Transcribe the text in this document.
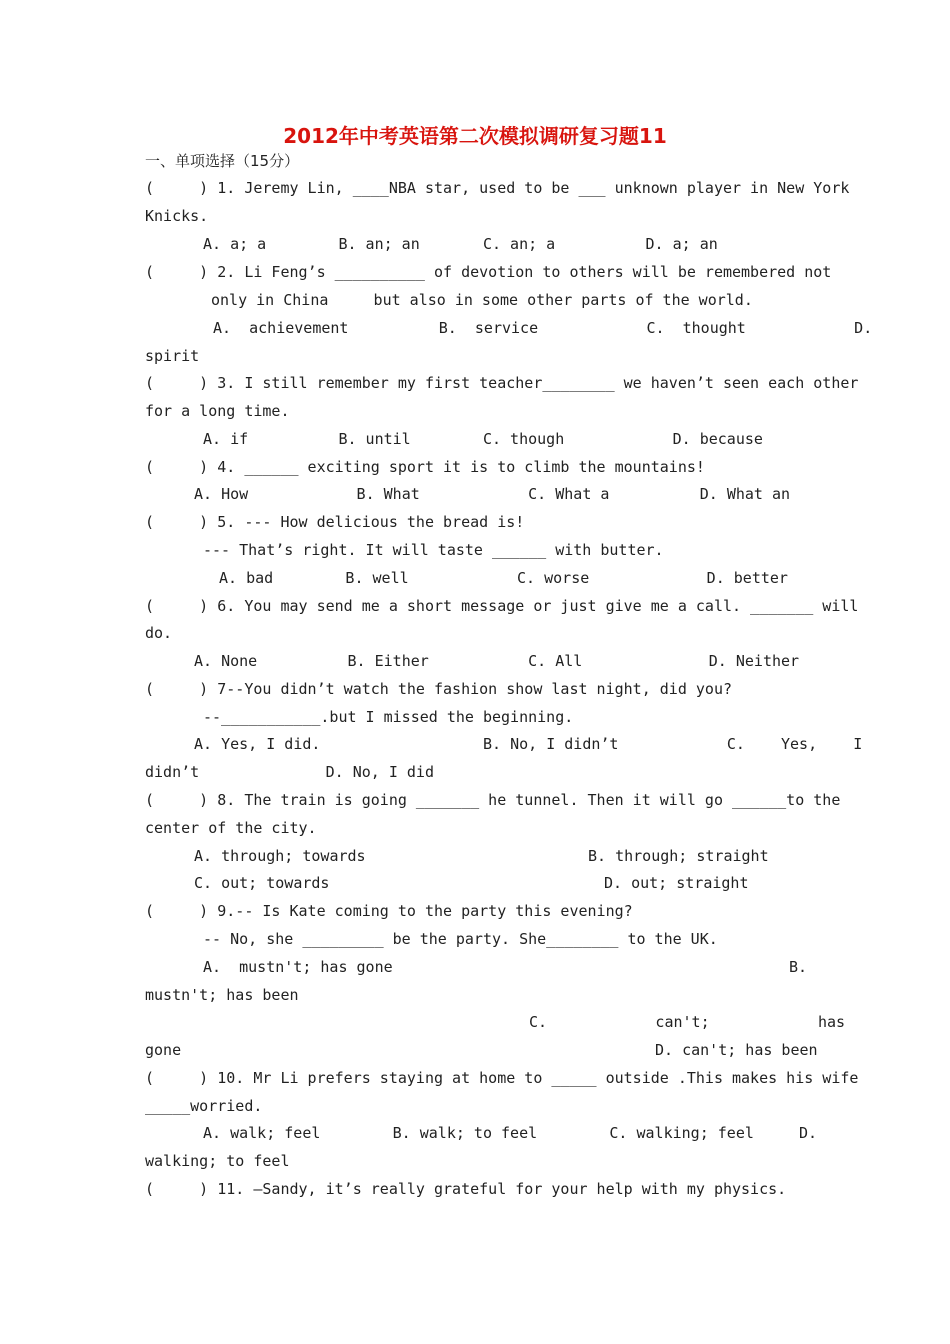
2012年中考英语第二次模拟调研复习题11
一、单项选择（15分）
(     ) 1. Jeremy Lin, ____NBA star, used to be ___ unknown player in New York
Knicks.
A. a; a        B. an; an       C. an; a          D. a; an
(     ) 2. Li Feng’s __________ of devotion to others will be remembered not
only in China     but also in some other parts of the world.
A.  achievement          B.  service            C.  thought            D.
spirit
(     ) 3. I still remember my first teacher________ we haven’t seen each other
for a long time.
A. if          B. until        C. though            D. because
(     ) 4. ______ exciting sport it is to climb the mountains!
A. How            B. What            C. What a          D. What an
(     ) 5. --- How delicious the bread is!
--- That’s right. It will taste ______ with butter.
A. bad        B. well            C. worse             D. better
(     ) 6. You may send me a short message or just give me a call. _______ will
do.
A. None          B. Either           C. All              D. Neither
(     ) 7--You didn’t watch the fashion show last night, did you?
--___________.but I missed the beginning.
A. Yes, I did.                  B. No, I didn’t            C.    Yes,    I
didn’t              D. No, I did
(     ) 8. The train is going _______ he tunnel. Then it will go ______to the
center of the city.
A. through; towards	B. through; straight
C. out; towards	D. out; straight
(     ) 9.-- Is Kate coming to the party this evening?
-- No, she _________ be the party. She________ to the UK.
A.  mustn't; has gone	B.
mustn't; has been
C.            can't;            has
gone	D. can't; has been
(     ) 10. Mr Li prefers staying at home to _____ outside .This makes his wife
_____worried.
A. walk; feel        B. walk; to feel        C. walking; feel     D.
walking; to feel
(     ) 11. —Sandy, it’s really grateful for your help with my physics.
